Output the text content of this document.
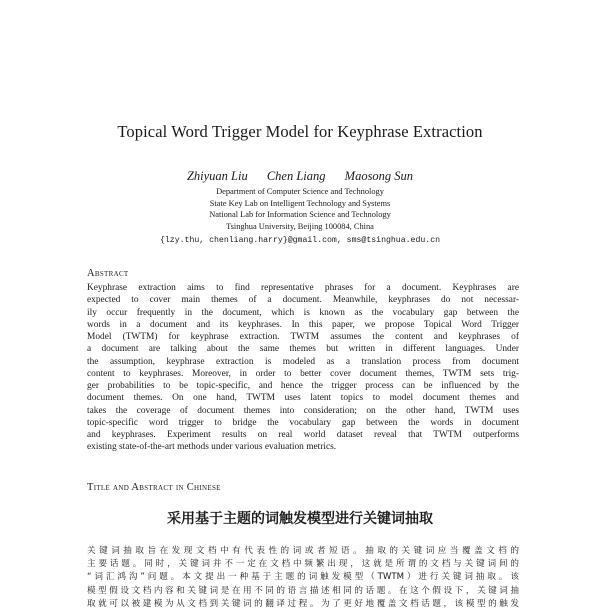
Topical Word Trigger Model for Keyphrase Extraction
Zhiyuan Liu Chen Liang Maosong Sun
Department of Computer Science and Technology
State Key Lab on Intelligent Technology and Systems
National Lab for Information Science and Technology
Tsinghua University, Beijing 100084, China
{lzy.thu, chenliang.harry}@gmail.com, sms@tsinghua.edu.cn
Abstract
Keyphrase extraction aims to find representative phrases for a document. Keyphrases are
expected to cover main themes of a document. Meanwhile, keyphrases do not necessar-
ily occur frequently in the document, which is known as the vocabulary gap between the
words in a document and its keyphrases. In this paper, we propose Topical Word Trigger
Model (TWTM) for keyphrase extraction. TWTM assumes the content and keyphrases of
a document are talking about the same themes but written in different languages. Under
the assumption, keyphrase extraction is modeled as a translation process from document
content to keyphrases. Moreover, in order to better cover document themes, TWTM sets trig-
ger probabilities to be topic-specific, and hence the trigger process can be influenced by the
document themes. On one hand, TWTM uses latent topics to model document themes and
takes the coverage of document themes into consideration; on the other hand, TWTM uses
topic-specific word trigger to bridge the vocabulary gap between the words in document
and keyphrases. Experiment results on real world dataset reveal that TWTM outperforms
existing state-of-the-art methods under various evaluation metrics.
Title and Abstract in Chinese
采用基于主题的词触发模型进行关键词抽取
关键词抽取旨在发现文档中有代表性的词或者短语。抽取的关键词应当覆盖文档的
主要话题。同时，关键词并不一定在文档中频繁出现，这就是所谓的文档与关键词间的
“词汇鸿沟”问题。本文提出一种基于主题的词触发模型（TWTM）进行关键词抽取。该
模型假设文档内容和关键词是在用不同的语言描述相同的话题。在这个假设下，关键词抽
取就可以被建模为从文档到关键词的翻译过程。为了更好地覆盖文档话题，该模型的触发
